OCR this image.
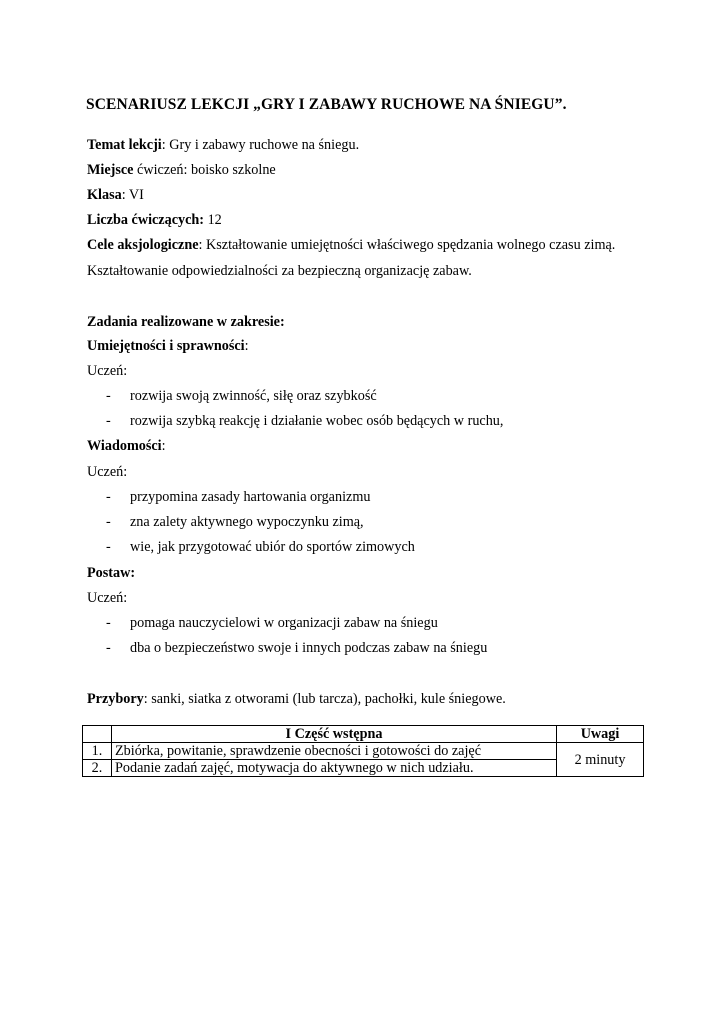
SCENARIUSZ LEKCJI „GRY I ZABAWY RUCHOWE NA ŚNIEGU”.

Temat lekcji: Gry i zabawy ruchowe na śniegu.

Miejsce ćwiczeń: boisko szkolne

Klasa: VI

Liczba ćwiczących: 12

Cele aksjologiczne: Kształtowanie umiejętności właściwego spędzania wolnego czasu zimą.

Kształtowanie odpowiedzialności za bezpieczną organizację zabaw.

Zadania realizowane w zakresie:

Umiejętności i sprawności:

Uczeń:

- rozwija swoją zwinność, siłę oraz szybkość

- rozwija szybką reakcję i działanie wobec osób będących w ruchu,

Wiadomości:

Uczeń:

- przypomina zasady hartowania organizmu

- zna zalety aktywnego wypoczynku zimą,

- wie, jak przygotować ubiór do sportów zimowych

Postaw:

Uczeń:

- pomaga nauczycielowi w organizacji zabaw na śniegu

- dba o bezpieczeństwo swoje i innych podczas zabaw na śniegu

Przybory: sanki, siatka z otworami (lub tarcza), pachołki, kule śniegowe.

	I Część wstępna	Uwagi
1.	Zbiórka, powitanie, sprawdzenie obecności i gotowości do zajęć	2 minuty
2.	Podanie zadań zajęć, motywacja do aktywnego w nich udziału.	
